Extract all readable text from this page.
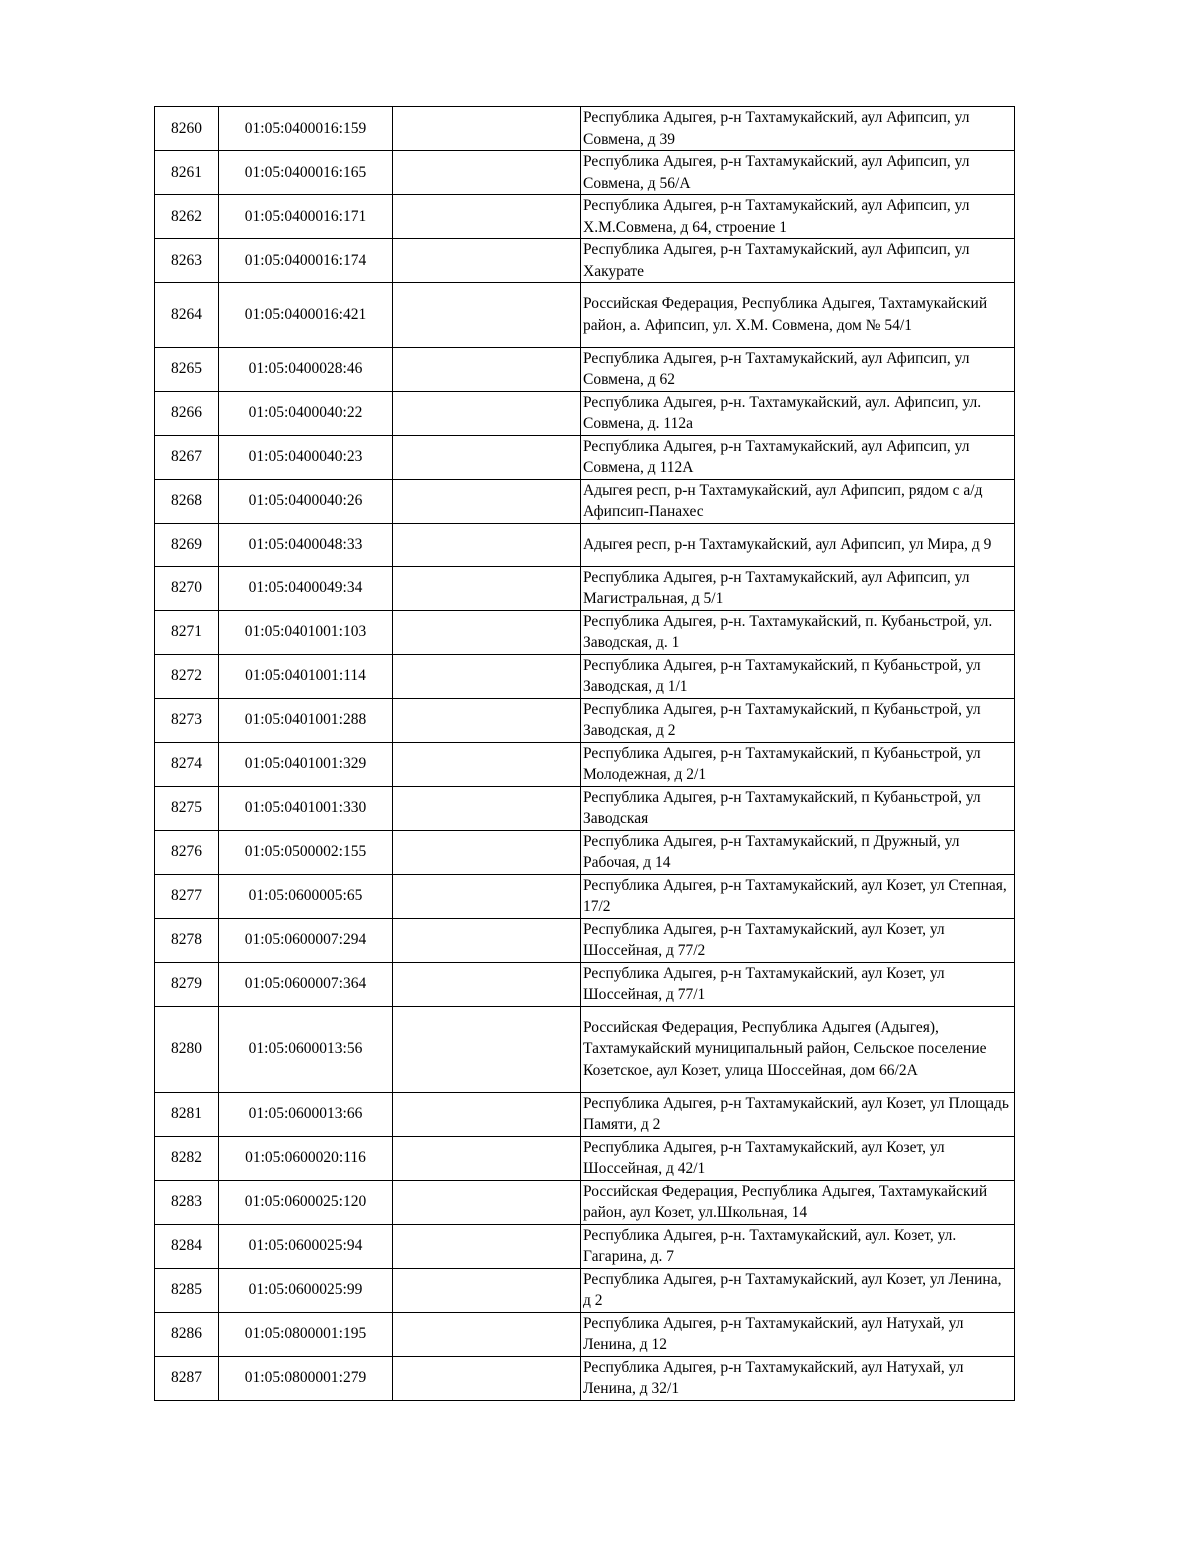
8260	01:05:0400016:159		Республика Адыгея, р-н Тахтамукайский, аул Афипсип, ул Совмена, д 39
8261	01:05:0400016:165		Республика Адыгея, р-н Тахтамукайский, аул Афипсип, ул Совмена, д 56/А
8262	01:05:0400016:171		Республика Адыгея, р-н Тахтамукайский, аул Афипсип, ул Х.М.Совмена, д 64, строение 1
8263	01:05:0400016:174		Республика Адыгея, р-н Тахтамукайский, аул Афипсип, ул Хакурате
8264	01:05:0400016:421		Российская Федерация, Республика Адыгея, Тахтамукайский район, а. Афипсип, ул. Х.М. Совмена, дом № 54/1
8265	01:05:0400028:46		Республика Адыгея, р-н Тахтамукайский, аул Афипсип, ул Совмена, д 62
8266	01:05:0400040:22		Республика Адыгея, р-н. Тахтамукайский, аул. Афипсип, ул. Совмена, д. 112а
8267	01:05:0400040:23		Республика Адыгея, р-н Тахтамукайский, аул Афипсип, ул Совмена, д 112А
8268	01:05:0400040:26		Адыгея респ, р-н Тахтамукайский, аул Афипсип, рядом с а/д Афипсип-Панахес
8269	01:05:0400048:33		Адыгея респ, р-н Тахтамукайский, аул Афипсип, ул Мира, д 9
8270	01:05:0400049:34		Республика Адыгея, р-н Тахтамукайский, аул Афипсип, ул Магистральная, д 5/1
8271	01:05:0401001:103		Республика Адыгея, р-н. Тахтамукайский, п. Кубаньстрой, ул. Заводская, д. 1
8272	01:05:0401001:114		Республика Адыгея, р-н Тахтамукайский, п Кубаньстрой, ул Заводская, д 1/1
8273	01:05:0401001:288		Республика Адыгея, р-н Тахтамукайский, п Кубаньстрой, ул Заводская, д 2
8274	01:05:0401001:329		Республика Адыгея, р-н Тахтамукайский, п Кубаньстрой, ул Молодежная, д 2/1
8275	01:05:0401001:330		Республика Адыгея, р-н Тахтамукайский, п Кубаньстрой, ул Заводская
8276	01:05:0500002:155		Республика Адыгея, р-н Тахтамукайский, п Дружный, ул Рабочая, д 14
8277	01:05:0600005:65		Республика Адыгея, р-н Тахтамукайский, аул Козет, ул Степная, 17/2
8278	01:05:0600007:294		Республика Адыгея, р-н Тахтамукайский, аул Козет, ул Шоссейная, д 77/2
8279	01:05:0600007:364		Республика Адыгея, р-н Тахтамукайский, аул Козет, ул Шоссейная, д 77/1
8280	01:05:0600013:56		Российская Федерация, Республика Адыгея (Адыгея), Тахтамукайский муниципальный район, Сельское поселение Козетское, аул Козет, улица Шоссейная, дом 66/2А
8281	01:05:0600013:66		Республика Адыгея, р-н Тахтамукайский, аул Козет, ул Площадь Памяти, д 2
8282	01:05:0600020:116		Республика Адыгея, р-н Тахтамукайский, аул Козет, ул Шоссейная, д 42/1
8283	01:05:0600025:120		Российская Федерация, Республика Адыгея, Тахтамукайский район, аул Козет, ул.Школьная, 14
8284	01:05:0600025:94		Республика Адыгея, р-н. Тахтамукайский, аул. Козет, ул. Гагарина, д. 7
8285	01:05:0600025:99		Республика Адыгея, р-н Тахтамукайский, аул Козет, ул Ленина, д 2
8286	01:05:0800001:195		Республика Адыгея, р-н Тахтамукайский, аул Натухай, ул Ленина, д 12
8287	01:05:0800001:279		Республика Адыгея, р-н Тахтамукайский, аул Натухай, ул Ленина, д 32/1
